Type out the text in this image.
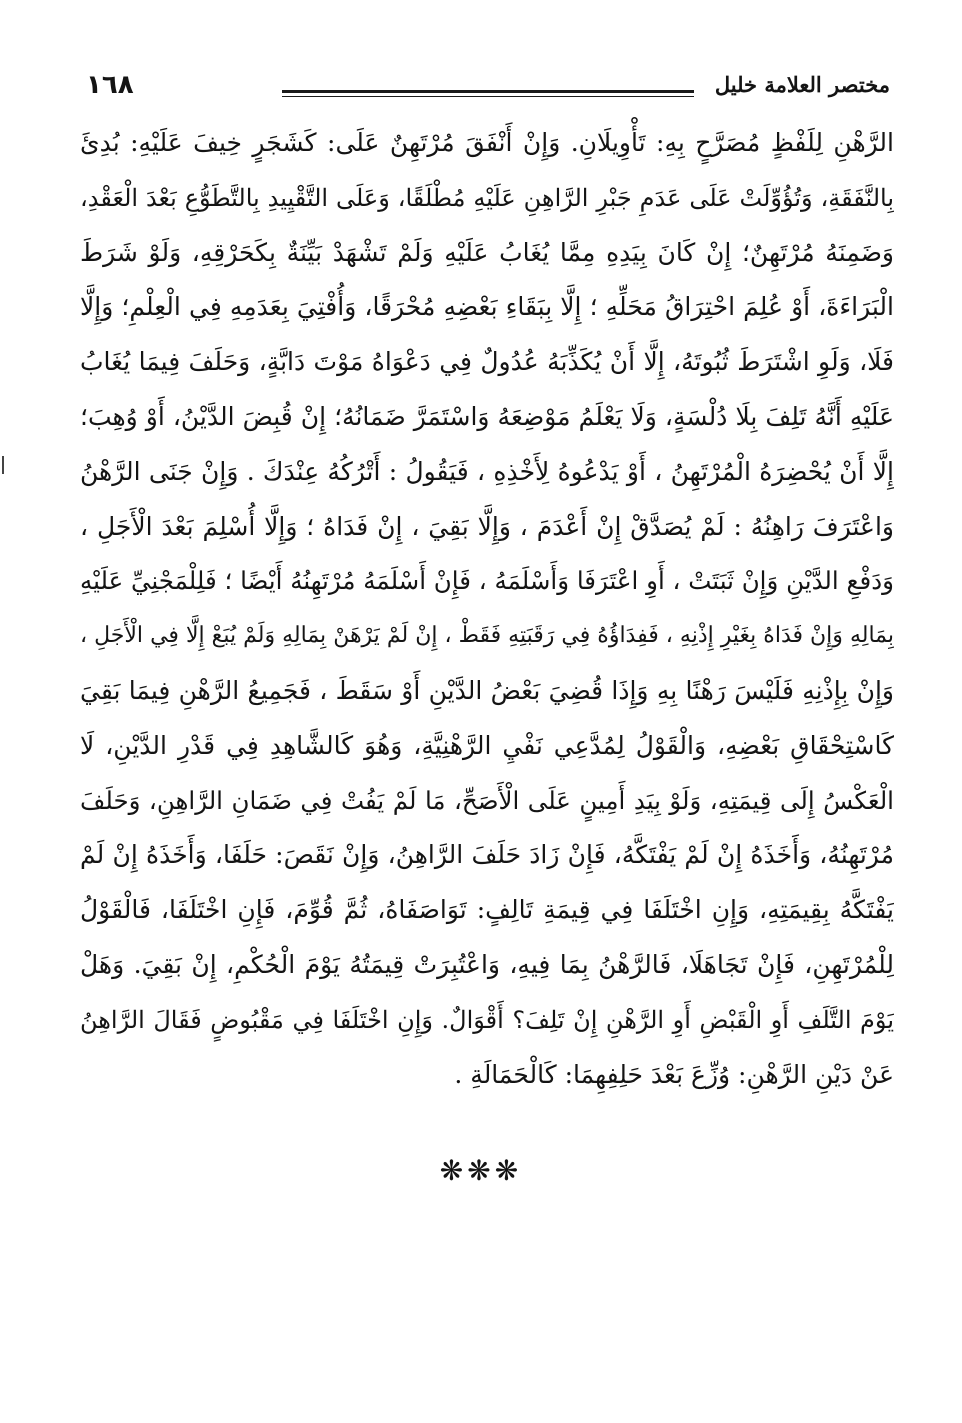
١٦٨	مختصر العلامة خليل
الرَّهْنِ لِلَفْظٍ مُصَرَّحٍ بِهِ: تَأْوِيلَانِ. وَإِنْ أَنْفَقَ مُرْتَهِنٌ عَلَى: كَشَجَرٍ خِيفَ عَلَيْهِ: بُدِئَ
بِالنَّفَقَةِ، وَتُؤُوِّلَتْ عَلَى عَدَمِ جَبْرِ الرَّاهِنِ عَلَيْهِ مُطْلَقًا، وَعَلَى التَّقْيِيدِ بِالتَّطَوُّعِ بَعْدَ الْعَقْدِ،
وَضَمِنَهُ مُرْتَهِنٌ؛ إِنْ كَانَ بِيَدِهِ مِمَّا يُغَابُ عَلَيْهِ وَلَمْ تَشْهَدْ بَيِّنَةٌ بِكَحَرْقِهِ، وَلَوْ شَرَطَ
الْبَرَاءَةَ، أَوْ عُلِمَ احْتِرَاقُ مَحَلِّهِ ؛ إِلَّا بِبَقَاءِ بَعْضِهِ مُحْرَقًا، وَأُفْتِيَ بِعَدَمِهِ فِي الْعِلْمِ؛ وَإِلَّا
فَلَا، وَلَوِ اشْتَرَطَ ثُبُوتَهُ، إِلَّا أَنْ يُكَذِّبَهُ عُدُولٌ فِي دَعْوَاهُ مَوْتَ دَابَّةٍ، وَحَلَفَ فِيمَا يُغَابُ
عَلَيْهِ أَنَّهُ تَلِفَ بِلَا دُلْسَةٍ، وَلَا يَعْلَمُ مَوْضِعَهُ وَاسْتَمَرَّ ضَمَانُهُ؛ إِنْ قُبِضَ الدَّيْنُ، أَوْ وُهِبَ؛
إِلَّا أَنْ يُحْضِرَهُ الْمُرْتَهِنُ ، أَوْ يَدْعُوهُ لِأَخْذِهِ ، فَيَقُولُ : أَتْرُكُهُ عِنْدَكَ . وَإِنْ جَنَى الرَّهْنُ
وَاعْتَرَفَ رَاهِنُهُ : لَمْ يُصَدَّقْ إِنْ أَعْدَمَ ، وَإِلَّا بَقِيَ ، إِنْ فَدَاهُ ؛ وَإِلَّا أُسْلِمَ بَعْدَ الْأَجَلِ ،
وَدَفْعِ الدَّيْنِ وَإِنْ ثَبَتَتْ ، أَوِ اعْتَرَفَا وَأَسْلَمَهُ ، فَإِنْ أَسْلَمَهُ مُرْتَهِنُهُ أَيْضًا ؛ فَلِلْمَجْنِيِّ عَلَيْهِ
بِمَالِهِ وَإِنْ فَدَاهُ بِغَيْرِ إِذْنِهِ ، فَفِدَاؤُهُ فِي رَقَبَتِهِ فَقَطْ ، إِنْ لَمْ يَرْهَنْ بِمَالِهِ وَلَمْ يُبَعْ إِلَّا فِي الْأَجَلِ ،
وَإِنْ بِإِذْنِهِ فَلَيْسَ رَهْنًا بِهِ وَإِذَا قُضِيَ بَعْضُ الدَّيْنِ أَوْ سَقَطَ ، فَجَمِيعُ الرَّهْنِ فِيمَا بَقِيَ
كَاسْتِحْقَاقِ بَعْضِهِ، وَالْقَوْلُ لِمُدَّعِي نَفْيِ الرَّهْنِيَّةِ، وَهُوَ كَالشَّاهِدِ فِي قَدْرِ الدَّيْنِ، لَا
الْعَكْسُ إِلَى قِيمَتِهِ، وَلَوْ بِيَدِ أَمِينٍ عَلَى الْأَصَحِّ، مَا لَمْ يَفُتْ فِي ضَمَانِ الرَّاهِنِ، وَحَلَفَ
مُرْتَهِنُهُ، وَأَخَذَهُ إِنْ لَمْ يَفْتَكَّهُ، فَإِنْ زَادَ حَلَفَ الرَّاهِنُ، وَإِنْ نَقَصَ: حَلَفَا، وَأَخَذَهُ إِنْ لَمْ
يَفْتَكَّهُ بِقِيمَتِهِ، وَإِنِ اخْتَلَفَا فِي قِيمَةِ تَالِفٍ: تَوَاصَفَاهُ، ثُمَّ قُوِّمَ، فَإِنِ اخْتَلَفَا، فَالْقَوْلُ
لِلْمُرْتَهِنِ، فَإِنْ تَجَاهَلَا، فَالرَّهْنُ بِمَا فِيهِ، وَاعْتُبِرَتْ قِيمَتُهُ يَوْمَ الْحُكْمِ، إِنْ بَقِيَ. وَهَلْ
يَوْمَ التَّلَفِ أَوِ الْقَبْضِ أَوِ الرَّهْنِ إِنْ تَلِفَ؟ أَقْوَالٌ. وَإِنِ اخْتَلَفَا فِي مَقْبُوضٍ فَقَالَ الرَّاهِنُ
عَنْ دَيْنِ الرَّهْنِ: وُزِّعَ بَعْدَ حَلِفِهِمَا: كَالْحَمَالَةِ .
❋❋❋
